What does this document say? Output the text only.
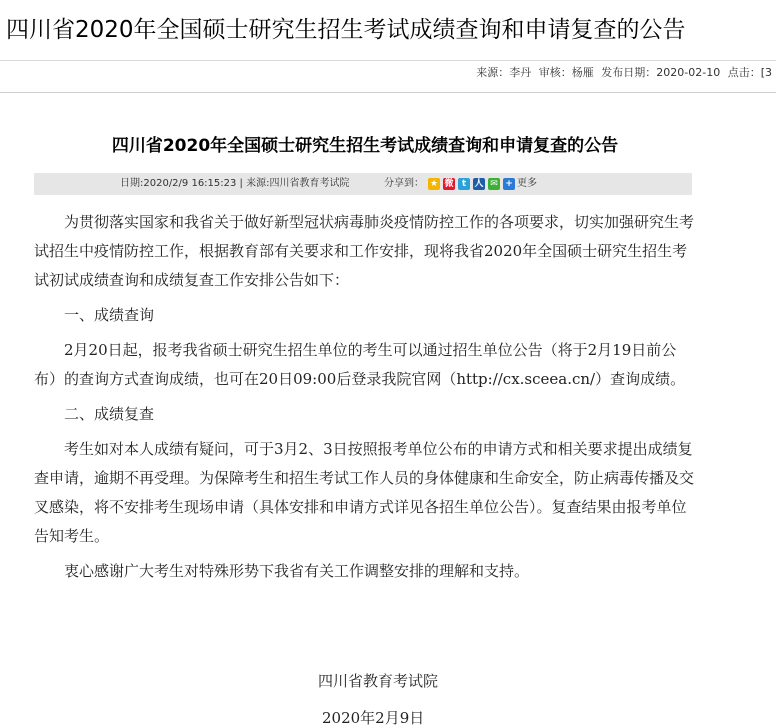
四川省2020年全国硕士研究生招生考试成绩查询和申请复查的公告
来源：李丹 审核：杨雁 发布日期：2020-02-10 点击：[3
四川省2020年全国硕士研究生招生考试成绩查询和申请复查的公告
日期:2020/2/9 16:15:23 | 来源:四川省教育考试院	分享到： ★ 微 t 人 ✉ + 更多

为贯彻落实国家和我省关于做好新型冠状病毒肺炎疫情防控工作的各项要求，切实加强研究生考试招生中疫情防控工作，根据教育部有关要求和工作安排，现将我省2020年全国硕士研究生招生考试初试成绩查询和成绩复查工作安排公告如下：

一、成绩查询

2月20日起，报考我省硕士研究生招生单位的考生可以通过招生单位公告（将于2月19日前公布）的查询方式查询成绩，也可在20日09:00后登录我院官网（http://cx.sceea.cn/）查询成绩。

二、成绩复查

考生如对本人成绩有疑问，可于3月2、3日按照报考单位公布的申请方式和相关要求提出成绩复查申请，逾期不再受理。为保障考生和招生考试工作人员的身体健康和生命安全，防止病毒传播及交叉感染，将不安排考生现场申请（具体安排和申请方式详见各招生单位公告）。复查结果由报考单位告知考生。

衷心感谢广大考生对特殊形势下我省有关工作调整安排的理解和支持。

四川省教育考试院
2020年2月9日
